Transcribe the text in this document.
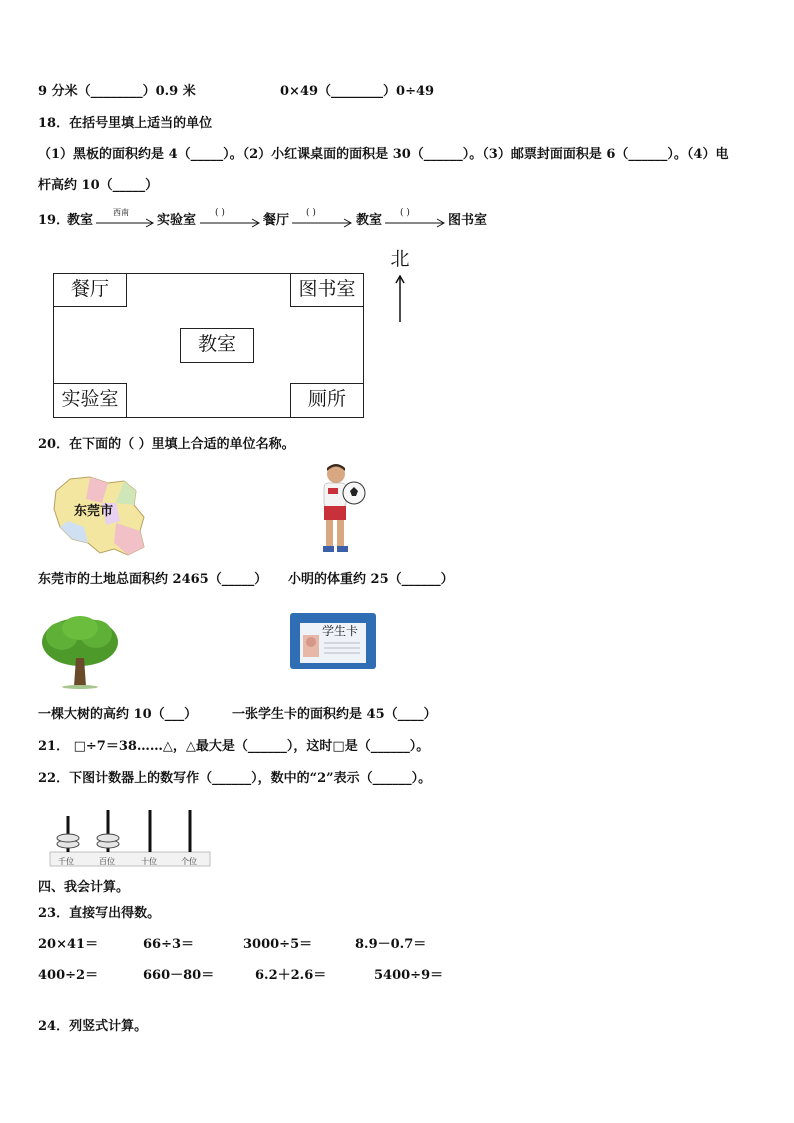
9 分米（________）0.9 米	0×49（________）0÷49
18．在括号里填上适当的单位
（1）黑板的面积约是 4（_____）。（2）小红课桌面的面积是 30（______）。（3）邮票封面面积是 6（______）。（4）电
杆高约 10（_____）
19．
教室
西南
实验室 ( )	餐厅 ( )	教室 ( )	图书室
餐厅	图书室
教室
实验室	厕所
北
20．在下面的（ ）里填上合适的单位名称。
东莞市
东莞市的土地总面积约 2465（_____） 小明的体重约 25（______）
学生卡
一棵大树的高约 10（___）	一张学生卡的面积约是 45（____）
21． □÷7＝38……△，△最大是（______），这时□是（______）。
22．下图计数器上的数写作（______），数中的“2”表示（______）。
千位	百位	十位	个位
四、我会计算。
23．直接写出得数。
20×41＝	66÷3＝	3000÷5＝	8.9－0.7＝
400÷2＝	660－80＝	6.2＋2.6＝	5400÷9＝
24．列竖式计算。
